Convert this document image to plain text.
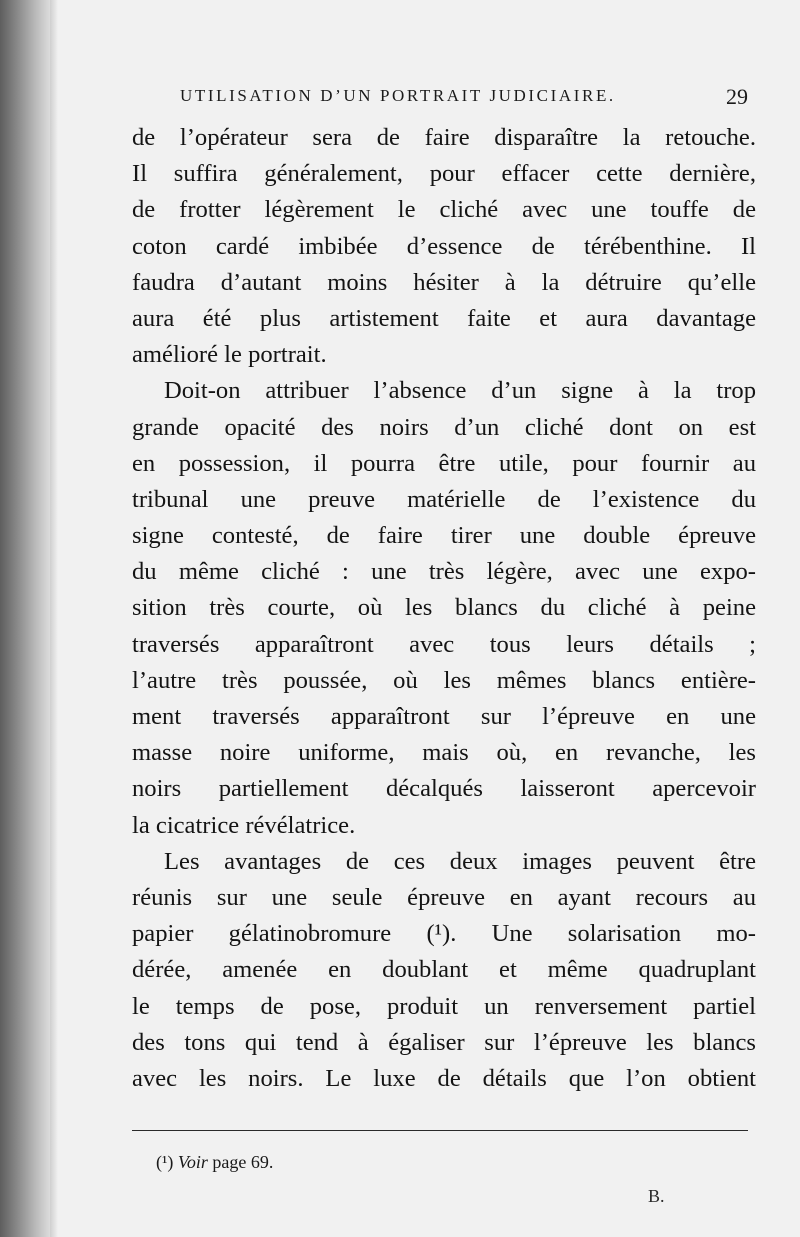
UTILISATION D’UN PORTRAIT JUDICIAIRE.	29
de l’opérateur sera de faire disparaître la retouche.
Il suffira généralement, pour effacer cette dernière,
de frotter légèrement le cliché avec une touffe de
coton cardé imbibée d’essence de térébenthine. Il
faudra d’autant moins hésiter à la détruire qu’elle
aura été plus artistement faite et aura davantage
amélioré le portrait.
Doit-on attribuer l’absence d’un signe à la trop
grande opacité des noirs d’un cliché dont on est
en possession, il pourra être utile, pour fournir au
tribunal une preuve matérielle de l’existence du
signe contesté, de faire tirer une double épreuve
du même cliché : une très légère, avec une expo-
sition très courte, où les blancs du cliché à peine
traversés apparaîtront avec tous leurs détails ;
l’autre très poussée, où les mêmes blancs entière-
ment traversés apparaîtront sur l’épreuve en une
masse noire uniforme, mais où, en revanche, les
noirs partiellement décalqués laisseront apercevoir
la cicatrice révélatrice.
Les avantages de ces deux images peuvent être
réunis sur une seule épreuve en ayant recours au
papier gélatinobromure (¹). Une solarisation mo-
dérée, amenée en doublant et même quadruplant
le temps de pose, produit un renversement partiel
des tons qui tend à égaliser sur l’épreuve les blancs
avec les noirs. Le luxe de détails que l’on obtient
(¹) Voir page 69.
B.
